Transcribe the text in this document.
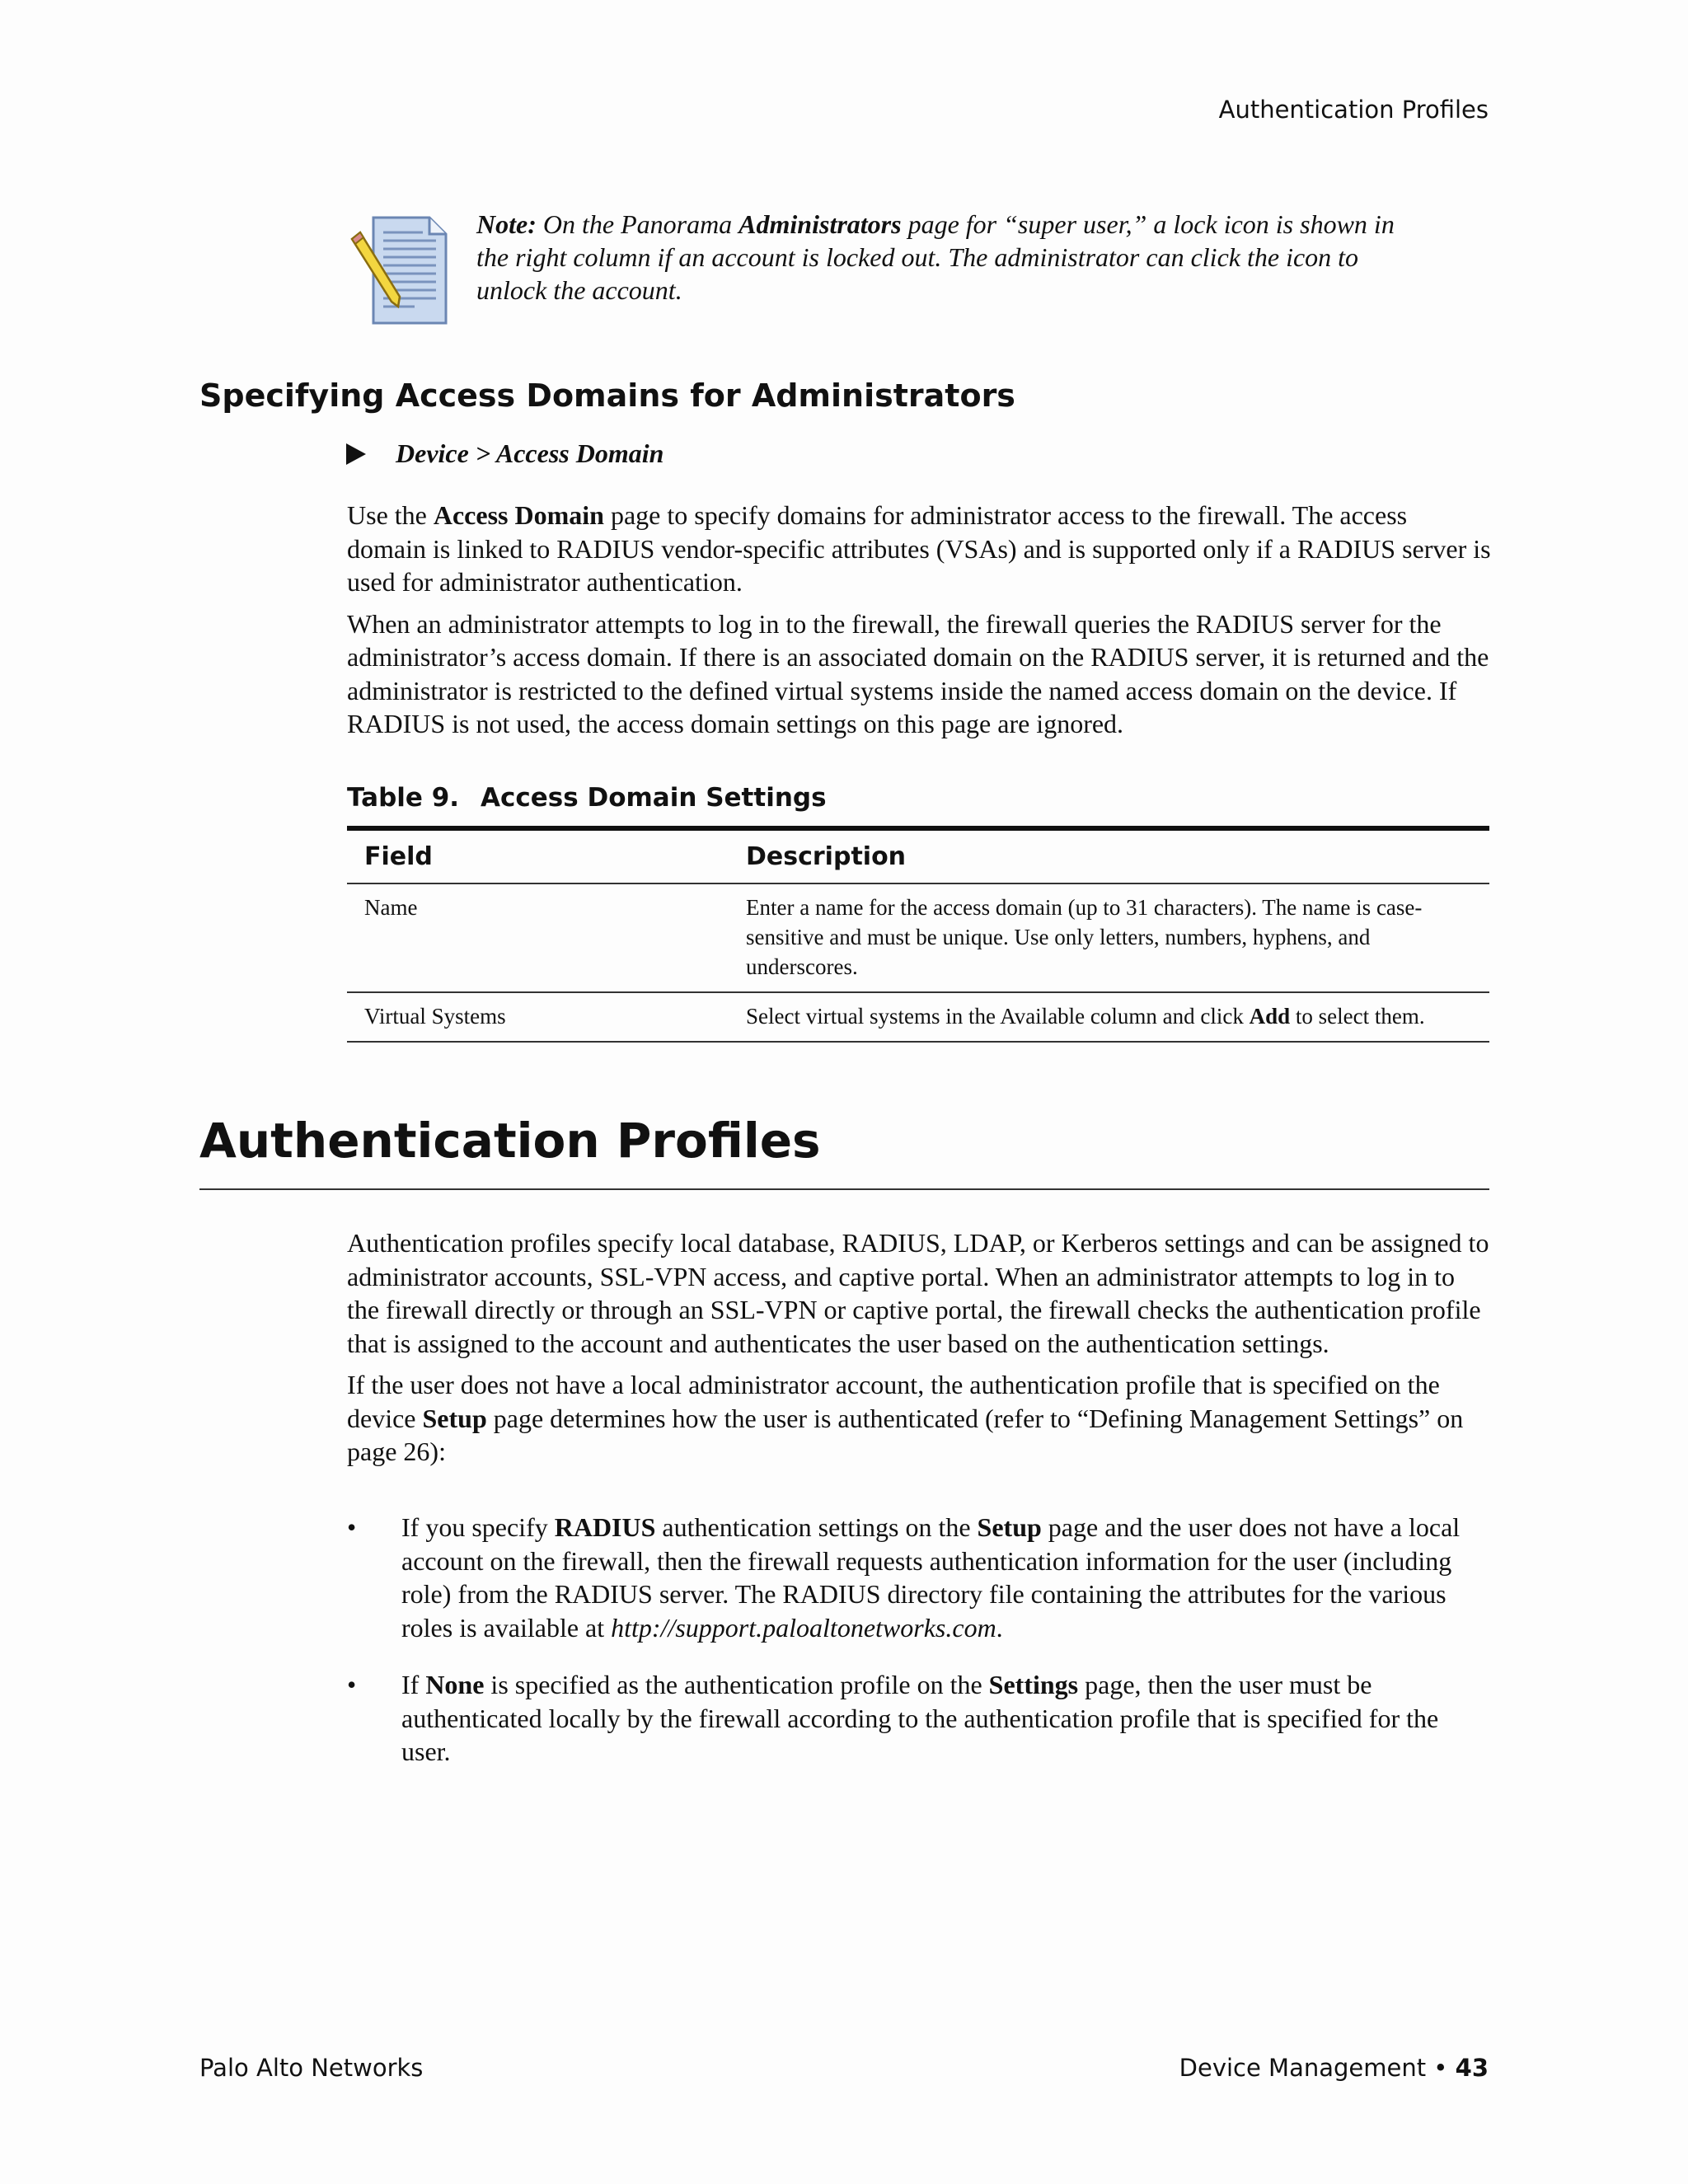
Authentication Profiles
Note: On the Panorama Administrators page for “super user,” a lock icon is shown in the right column if an account is locked out. The administrator can click the icon to unlock the account.
Specifying Access Domains for Administrators
Device > Access Domain

Use the Access Domain page to specify domains for administrator access to the firewall. The access domain is linked to RADIUS vendor-specific attributes (VSAs) and is supported only if a RADIUS server is used for administrator authentication.

When an administrator attempts to log in to the firewall, the firewall queries the RADIUS server for the administrator’s access domain. If there is an associated domain on the RADIUS server, it is returned and the administrator is restricted to the defined virtual systems inside the named access domain on the device. If RADIUS is not used, the access domain settings on this page are ignored.

Table 9. Access Domain Settings
Field	Description
Name	Enter a name for the access domain (up to 31 characters). The name is case-sensitive and must be unique. Use only letters, numbers, hyphens, and underscores.
Virtual Systems	Select virtual systems in the Available column and click Add to select them.
Authentication Profiles

Authentication profiles specify local database, RADIUS, LDAP, or Kerberos settings and can be assigned to administrator accounts, SSL-VPN access, and captive portal. When an administrator attempts to log in to the firewall directly or through an SSL-VPN or captive portal, the firewall checks the authentication profile that is assigned to the account and authenticates the user based on the authentication settings.

If the user does not have a local administrator account, the authentication profile that is specified on the device Setup page determines how the user is authenticated (refer to “Defining Management Settings” on page 26):

•	If you specify RADIUS authentication settings on the Setup page and the user does not have a local account on the firewall, then the firewall requests authentication information for the user (including role) from the RADIUS server. The RADIUS directory file containing the attributes for the various roles is available at http://support.paloaltonetworks.com.
•	If None is specified as the authentication profile on the Settings page, then the user must be authenticated locally by the firewall according to the authentication profile that is specified for the user.
Palo Alto Networks	Device Management • 43
